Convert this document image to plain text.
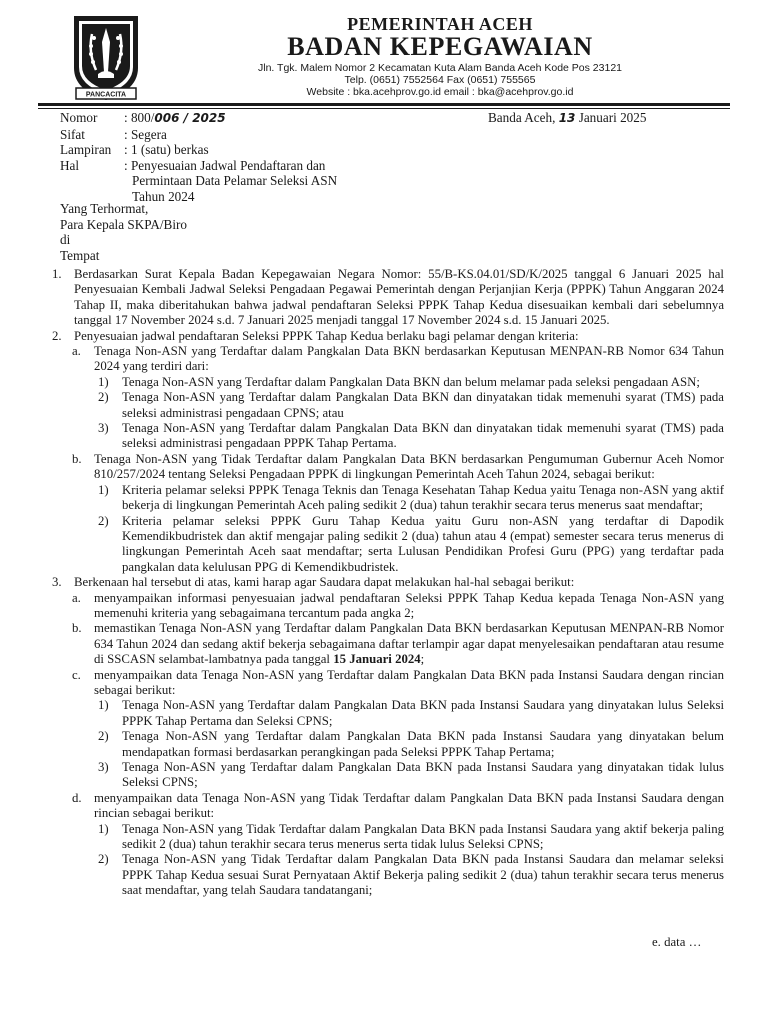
PANCACITA
PEMERINTAH ACEH
BADAN KEPEGAWAIAN
Jln. Tgk. Malem Nomor 2 Kecamatan Kuta Alam Banda Aceh Kode Pos 23121
Telp. (0651) 7552564 Fax (0651) 755565
Website : bka.acehprov.go.id email : bka@acehprov.go.id
Nomor	: 800/006 / 2025
Sifat	: Segera
Lampiran : 1 (satu) berkas
Hal	: Penyesuaian Jadwal Pendaftaran dan
Permintaan Data Pelamar Seleksi ASN
Tahun 2024
Banda Aceh, 13 Januari 2025
Yang Terhormat,
Para Kepala SKPA/Biro
di
Tempat
1. Berdasarkan Surat Kepala Badan Kepegawaian Negara Nomor: 55/B-KS.04.01/SD/K/2025 tanggal 6 Januari 2025 hal Penyesuaian Kembali Jadwal Seleksi Pengadaan Pegawai Pemerintah dengan Perjanjian Kerja (PPPK) Tahun Anggaran 2024 Tahap II, maka diberitahukan bahwa jadwal pendaftaran Seleksi PPPK Tahap Kedua disesuaikan kembali dari sebelumnya tanggal 17 November 2024 s.d. 7 Januari 2025 menjadi tanggal 17 November 2024 s.d. 15 Januari 2025.
2. Penyesuaian jadwal pendaftaran Seleksi PPPK Tahap Kedua berlaku bagi pelamar dengan kriteria:
a.	Tenaga Non-ASN yang Terdaftar dalam Pangkalan Data BKN berdasarkan Keputusan MENPAN-RB Nomor 634 Tahun 2024 yang terdiri dari:
1)	Tenaga Non-ASN yang Terdaftar dalam Pangkalan Data BKN dan belum melamar pada seleksi pengadaan ASN;
2)	Tenaga Non-ASN yang Terdaftar dalam Pangkalan Data BKN dan dinyatakan tidak memenuhi syarat (TMS) pada seleksi administrasi pengadaan CPNS; atau
3)	Tenaga Non-ASN yang Terdaftar dalam Pangkalan Data BKN dan dinyatakan tidak memenuhi syarat (TMS) pada seleksi administrasi pengadaan PPPK Tahap Pertama.
b. Tenaga Non-ASN yang Tidak Terdaftar dalam Pangkalan Data BKN berdasarkan Pengumuman Gubernur Aceh Nomor 810/257/2024 tentang Seleksi Pengadaan PPPK di lingkungan Pemerintah Aceh Tahun 2024, sebagai berikut:
1)	Kriteria pelamar seleksi PPPK Tenaga Teknis dan Tenaga Kesehatan Tahap Kedua yaitu Tenaga non-ASN yang aktif bekerja di lingkungan Pemerintah Aceh paling sedikit 2 (dua) tahun terakhir secara terus menerus saat mendaftar;
2)	Kriteria pelamar seleksi PPPK Guru Tahap Kedua yaitu Guru non-ASN yang terdaftar di Dapodik Kemendikbudristek dan aktif mengajar paling sedikit 2 (dua) tahun atau 4 (empat) semester secara terus menerus di lingkungan Pemerintah Aceh saat mendaftar; serta Lulusan Pendidikan Profesi Guru (PPG) yang terdaftar pada pangkalan data kelulusan PPG di Kemendikbudristek.
3. Berkenaan hal tersebut di atas, kami harap agar Saudara dapat melakukan hal-hal sebagai berikut:
a.	menyampaikan informasi penyesuaian jadwal pendaftaran Seleksi PPPK Tahap Kedua kepada Tenaga Non-ASN yang memenuhi kriteria yang sebagaimana tercantum pada angka 2;
b. memastikan Tenaga Non-ASN yang Terdaftar dalam Pangkalan Data BKN berdasarkan Keputusan MENPAN-RB Nomor 634 Tahun 2024 dan sedang aktif bekerja sebagaimana daftar terlampir agar dapat menyelesaikan pendaftaran atau resume di SSCASN selambat-lambatnya pada tanggal 15 Januari 2024;
c.	menyampaikan data Tenaga Non-ASN yang Terdaftar dalam Pangkalan Data BKN pada Instansi Saudara dengan rincian sebagai berikut:
1)	Tenaga Non-ASN yang Terdaftar dalam Pangkalan Data BKN pada Instansi Saudara yang dinyatakan lulus Seleksi PPPK Tahap Pertama dan Seleksi CPNS;
2)	Tenaga Non-ASN yang Terdaftar dalam Pangkalan Data BKN pada Instansi Saudara yang dinyatakan belum mendapatkan formasi berdasarkan perangkingan pada Seleksi PPPK Tahap Pertama;
3)	Tenaga Non-ASN yang Terdaftar dalam Pangkalan Data BKN pada Instansi Saudara yang dinyatakan tidak lulus Seleksi CPNS;
d. menyampaikan data Tenaga Non-ASN yang Tidak Terdaftar dalam Pangkalan Data BKN pada Instansi Saudara dengan rincian sebagai berikut:
1)	Tenaga Non-ASN yang Tidak Terdaftar dalam Pangkalan Data BKN pada Instansi Saudara yang aktif bekerja paling sedikit 2 (dua) tahun terakhir secara terus menerus serta tidak lulus Seleksi CPNS;
2)	Tenaga Non-ASN yang Tidak Terdaftar dalam Pangkalan Data BKN pada Instansi Saudara dan melamar seleksi PPPK Tahap Kedua sesuai Surat Pernyataan Aktif Bekerja paling sedikit 2 (dua) tahun terakhir secara terus menerus saat mendaftar, yang telah Saudara tandatangani;
e. data …
